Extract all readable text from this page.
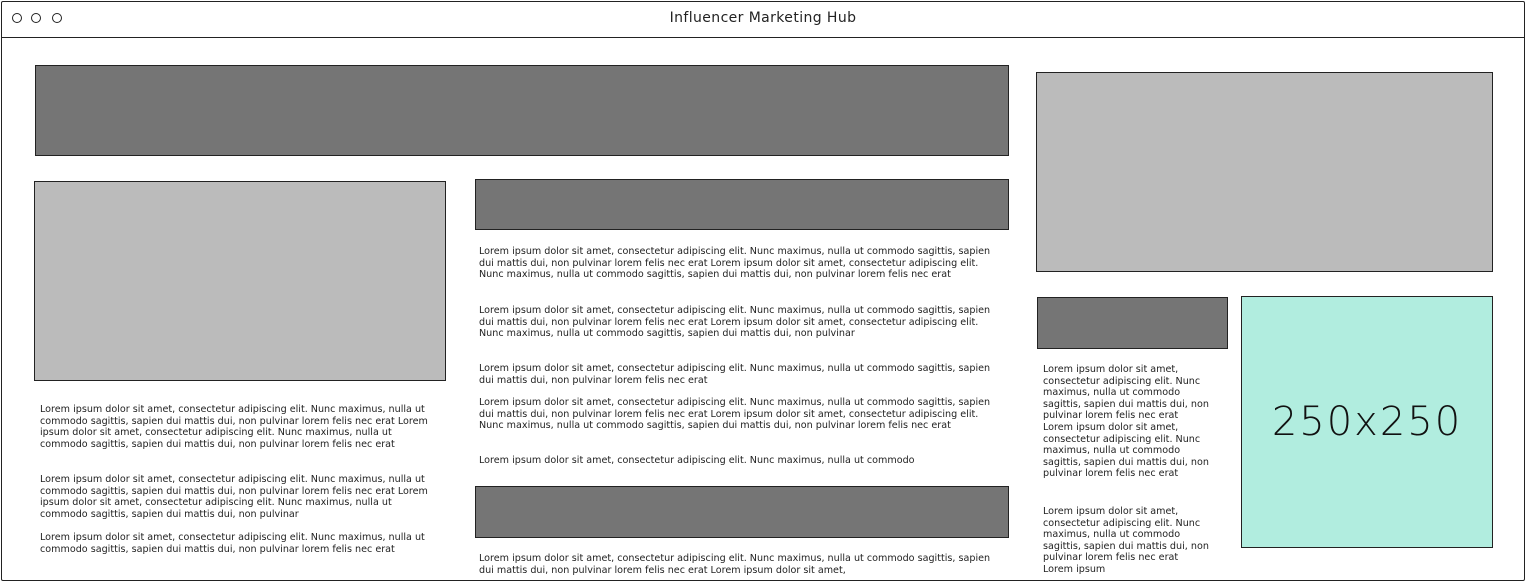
Influencer Marketing Hub

Lorem ipsum dolor sit amet, consectetur adipiscing elit. Nunc maximus, nulla ut commodo sagittis, sapien dui mattis dui, non pulvinar lorem felis nec erat Lorem ipsum dolor sit amet, consectetur adipiscing elit. Nunc maximus, nulla ut commodo sagittis, sapien dui mattis dui, non pulvinar lorem felis nec erat

Lorem ipsum dolor sit amet, consectetur adipiscing elit. Nunc maximus, nulla ut commodo sagittis, sapien dui mattis dui, non pulvinar lorem felis nec erat Lorem ipsum dolor sit amet, consectetur adipiscing elit. Nunc maximus, nulla ut commodo sagittis, sapien dui mattis dui, non pulvinar

Lorem ipsum dolor sit amet, consectetur adipiscing elit. Nunc maximus, nulla ut commodo sagittis, sapien dui mattis dui, non pulvinar lorem felis nec erat

Lorem ipsum dolor sit amet, consectetur adipiscing elit. Nunc maximus, nulla ut commodo sagittis, sapien dui mattis dui, non pulvinar lorem felis nec erat Lorem ipsum dolor sit amet, consectetur adipiscing elit. Nunc maximus, nulla ut commodo sagittis, sapien dui mattis dui, non pulvinar lorem felis nec erat

Lorem ipsum dolor sit amet, consectetur adipiscing elit. Nunc maximus, nulla ut commodo sagittis, sapien dui mattis dui, non pulvinar lorem felis nec erat Lorem ipsum dolor sit amet, consectetur adipiscing elit. Nunc maximus, nulla ut commodo sagittis, sapien dui mattis dui, non pulvinar

Lorem ipsum dolor sit amet, consectetur adipiscing elit. Nunc maximus, nulla ut commodo sagittis, sapien dui mattis dui, non pulvinar lorem felis nec erat

Lorem ipsum dolor sit amet, consectetur adipiscing elit. Nunc maximus, nulla ut commodo sagittis, sapien dui mattis dui, non pulvinar lorem felis nec erat Lorem ipsum dolor sit amet, consectetur adipiscing elit. Nunc maximus, nulla ut commodo sagittis, sapien dui mattis dui, non pulvinar lorem felis nec erat

Lorem ipsum dolor sit amet, consectetur adipiscing elit. Nunc maximus, nulla ut commodo

Lorem ipsum dolor sit amet, consectetur adipiscing elit. Nunc maximus, nulla ut commodo sagittis, sapien dui mattis dui, non pulvinar lorem felis nec erat Lorem ipsum dolor sit amet,

Lorem ipsum dolor sit amet, consectetur adipiscing elit. Nunc maximus, nulla ut commodo sagittis, sapien dui mattis dui, non pulvinar lorem felis nec erat Lorem ipsum dolor sit amet, consectetur adipiscing elit. Nunc maximus, nulla ut commodo sagittis, sapien dui mattis dui, non pulvinar lorem felis nec erat

Lorem ipsum dolor sit amet, consectetur adipiscing elit. Nunc maximus, nulla ut commodo sagittis, sapien dui mattis dui, non pulvinar lorem felis nec erat Lorem ipsum

250x250
